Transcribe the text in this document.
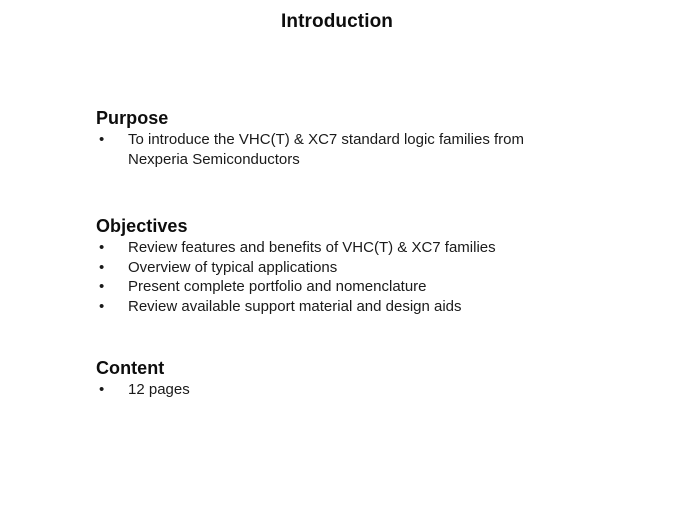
Introduction
Purpose
• To introduce the VHC(T) & XC7 standard logic families from Nexperia Semiconductors
Objectives
• Review features and benefits of VHC(T) & XC7 families
• Overview of typical applications
• Present complete portfolio and nomenclature
• Review available support material and design aids
Content
• 12 pages
